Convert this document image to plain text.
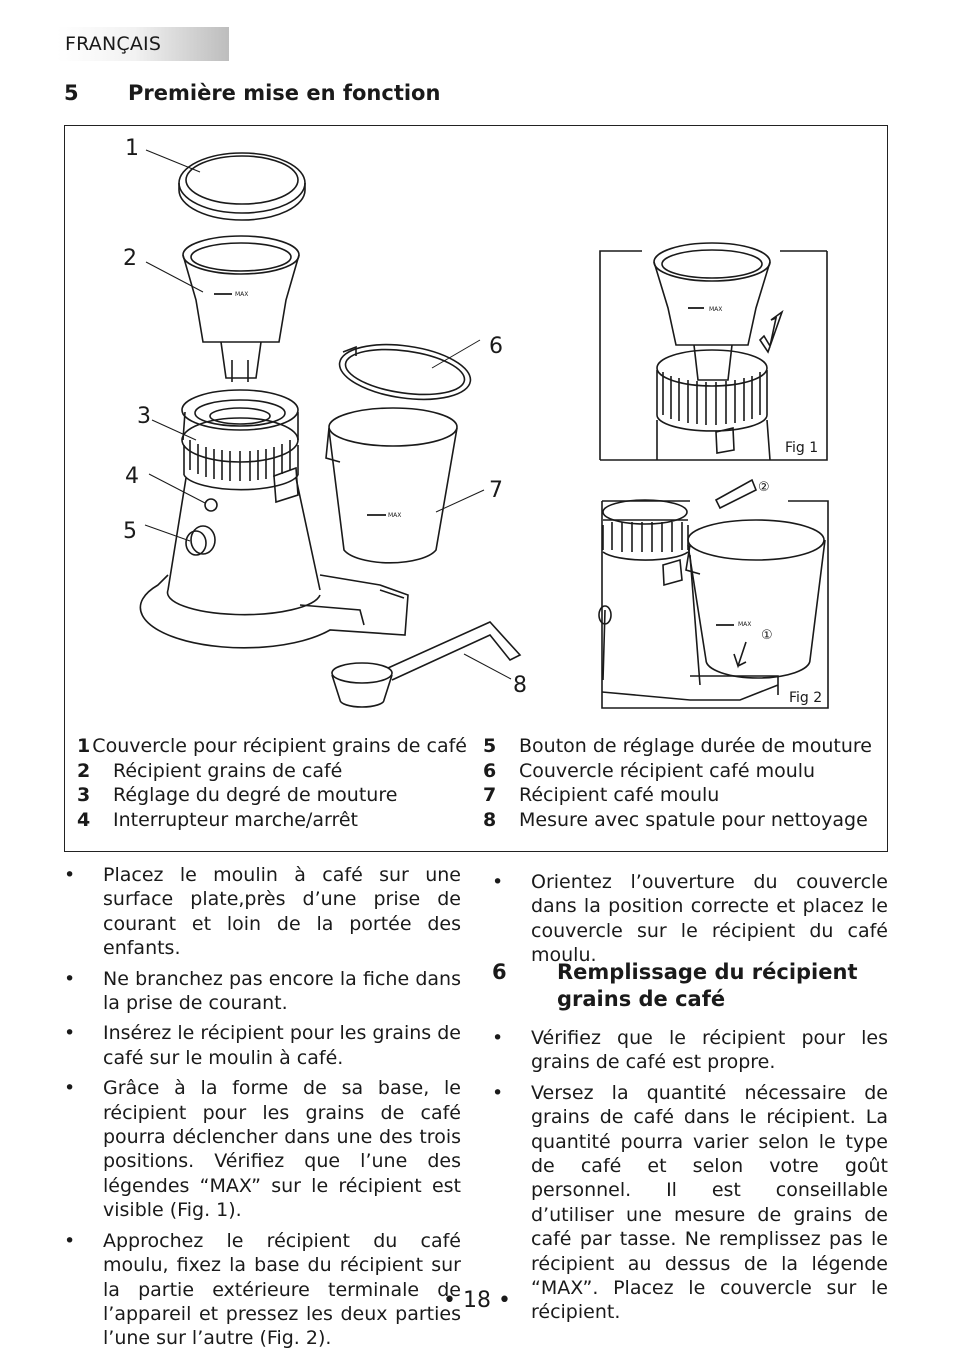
FRANÇAIS
5 Première mise en fonction
1
2
3
4
5
6
7
8
MAX
MAX
MAX
MAX
Fig 1
Fig 2
②
①
1 Couvercle pour récipient grains de café
2	Récipient grains de café
3	Réglage du degré de mouture
4	Interrupteur marche/arrêt
5	Bouton de réglage durée de mouture
6	Couvercle récipient café moulu
7	Récipient café moulu
8	Mesure avec spatule pour nettoyage
• Placez le moulin à café sur une surface plate,près d’une prise de courant et loin de la portée des enfants.
• Ne branchez pas encore la fiche dans la prise de courant.
• Insérez le récipient pour les grains de café sur le moulin à café.
• Grâce à la forme de sa base, le récipient pour les grains de café pourra déclencher dans une des trois positions. Vérifiez que l’une des légendes “MAX” sur le récipient est visible (Fig. 1).
• Approchez le récipient du café moulu, fixez la base du récipient sur la partie extérieure terminale de l’appareil et pressez les deux parties l’une sur l’autre (Fig. 2).
• Orientez l’ouverture du couvercle dans la position correcte et placez le couvercle sur le récipient du café moulu.
6 Remplissage du récipient
grains de café
• Vérifiez que le récipient pour les grains de café est propre.
• Versez la quantité nécessaire de grains de café dans le récipient. La quantité pourra varier selon le type de café et selon votre goût personnel. Il est conseillable d’utiliser une mesure de grains de café par tasse. Ne remplissez pas le récipient au dessus de la légende “MAX”. Placez le couvercle sur le récipient.
• 18 •
